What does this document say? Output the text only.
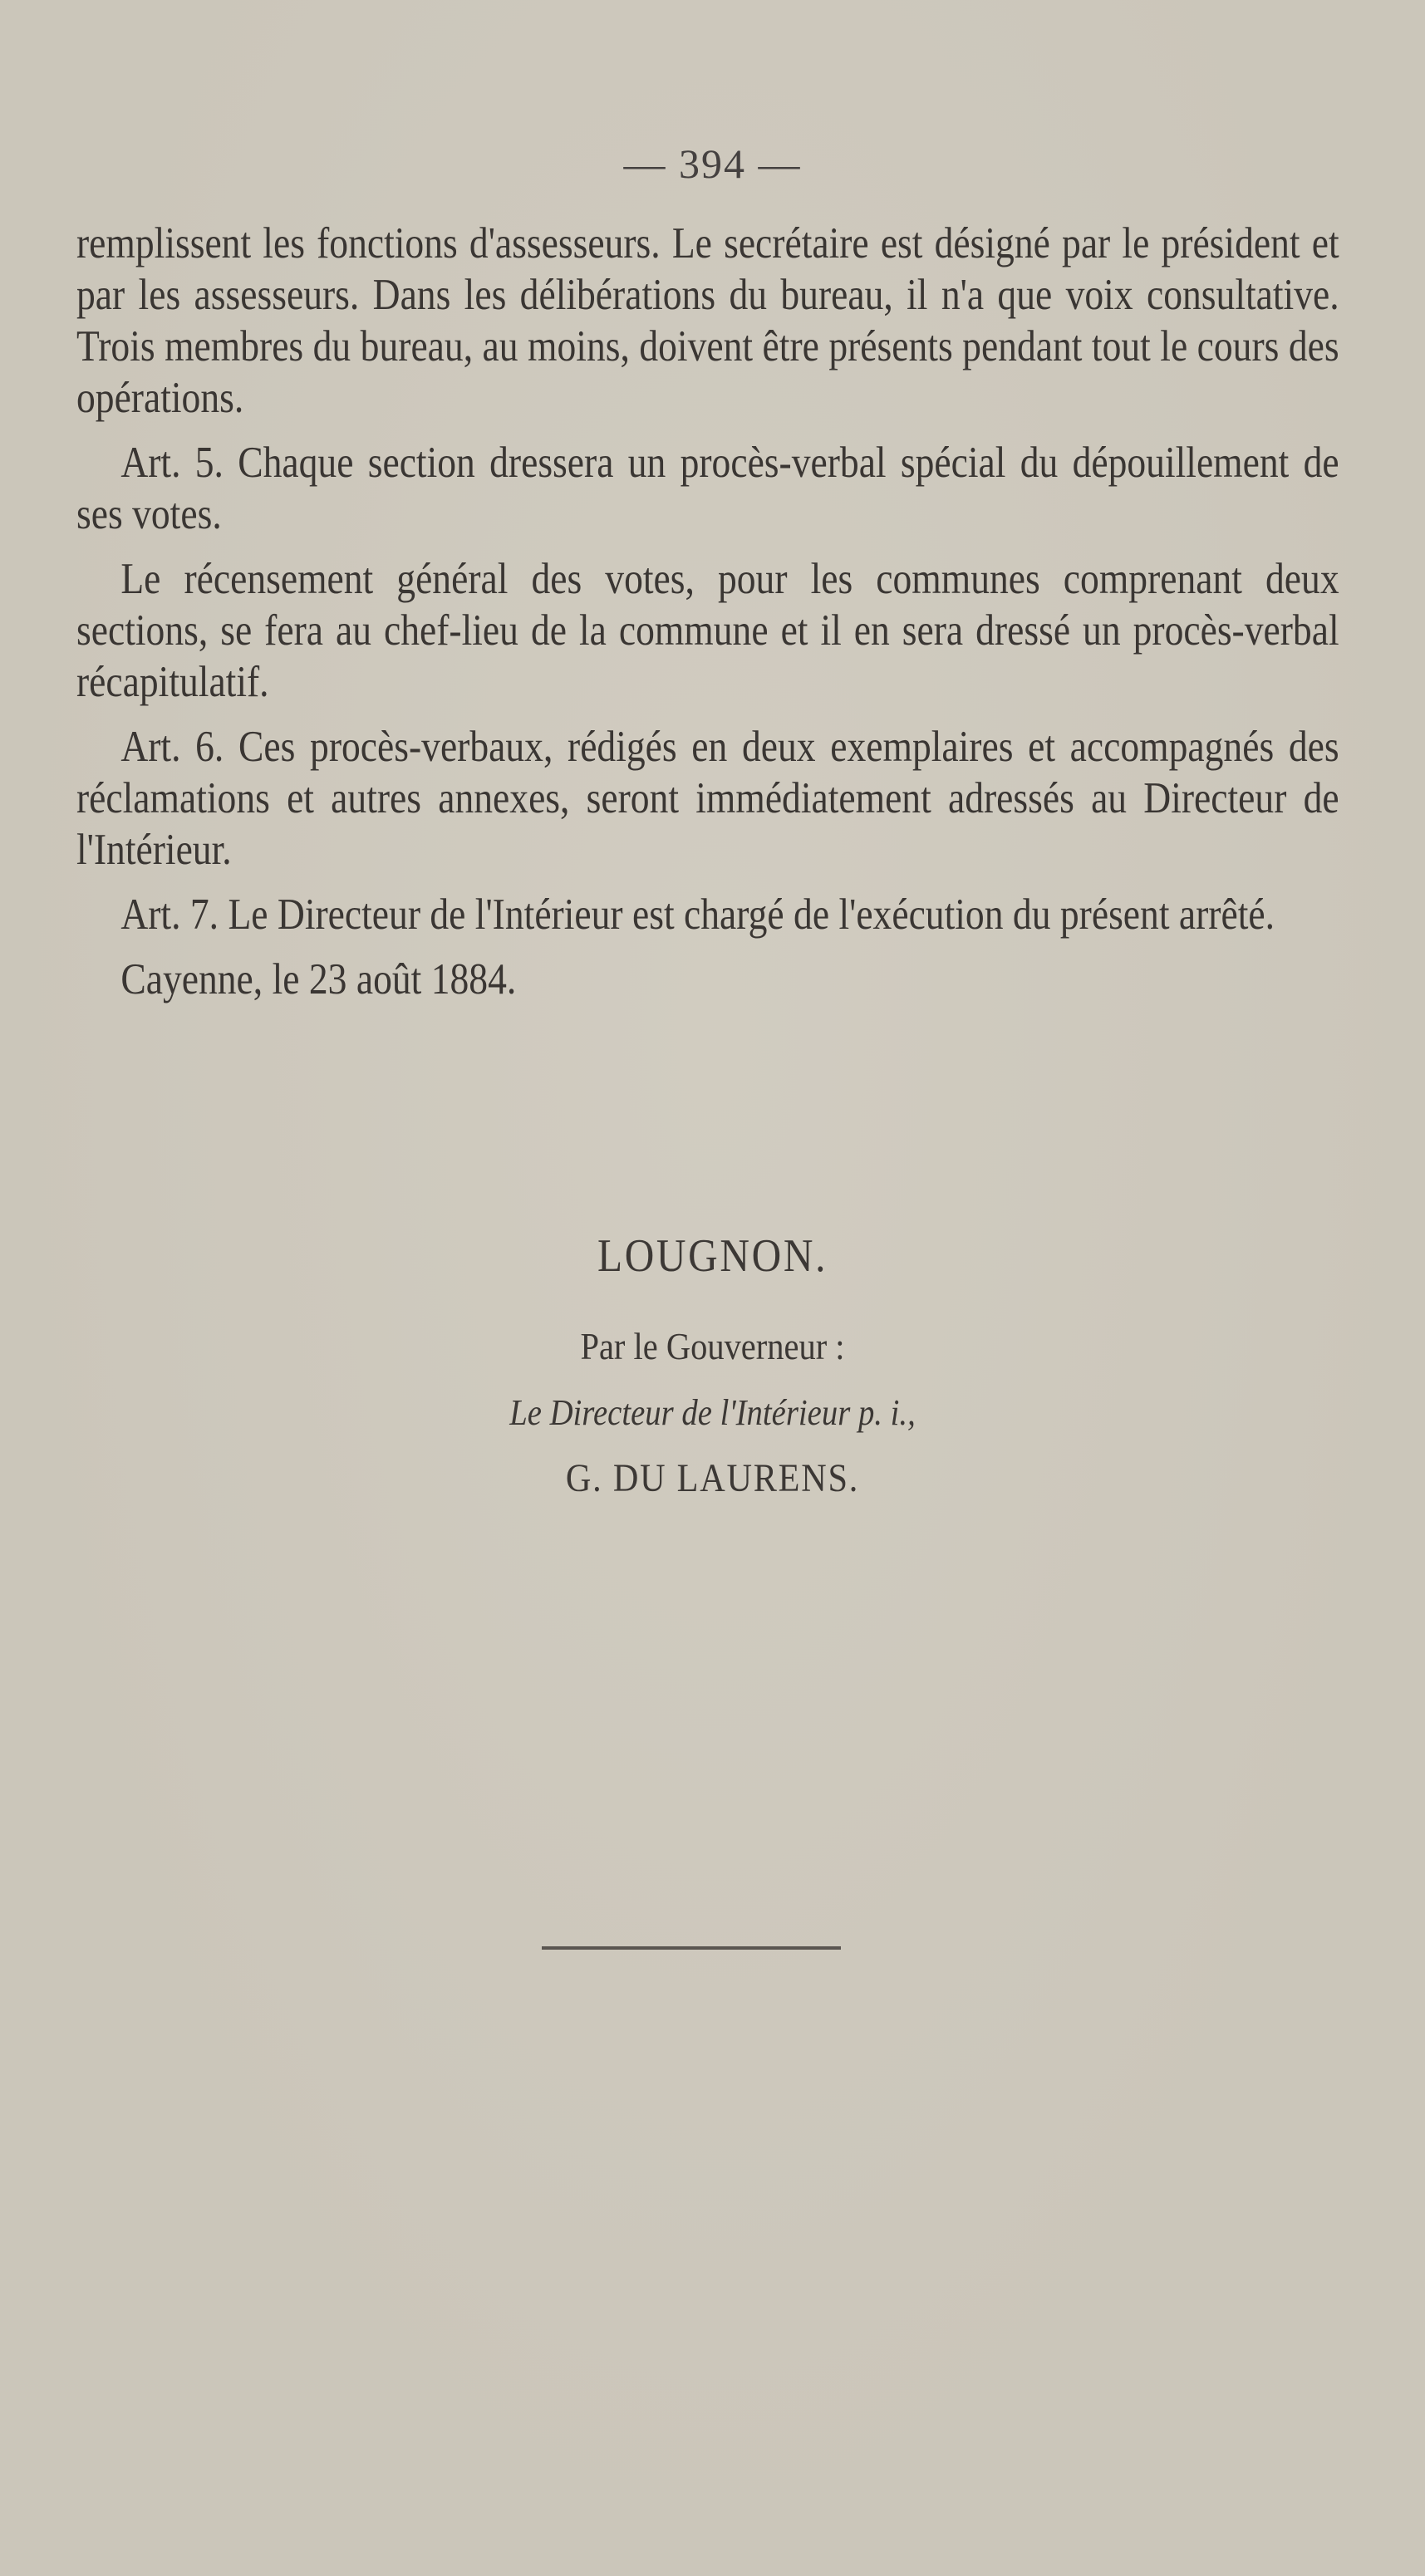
— 394 —

remplissent les fonctions d'assesseurs. Le secrétaire est désigné par le président et par les assesseurs. Dans les délibérations du bureau, il n'a que voix consultative. Trois membres du bureau, au moins, doivent être présents pendant tout le cours des opérations.

Art. 5. Chaque section dressera un procès-verbal spécial du dépouillement de ses votes.

Le récensement général des votes, pour les communes comprenant deux sections, se fera au chef-lieu de la commune et il en sera dressé un procès-verbal récapitulatif.

Art. 6. Ces procès-verbaux, rédigés en deux exemplaires et accompagnés des réclamations et autres annexes, seront immédiatement adressés au Directeur de l'Intérieur.

Art. 7. Le Directeur de l'Intérieur est chargé de l'exécution du présent arrêté.

Cayenne, le 23 août 1884.

LOUGNON.
Par le Gouverneur :
Le Directeur de l'Intérieur p. i.,
G. DU LAURENS.
